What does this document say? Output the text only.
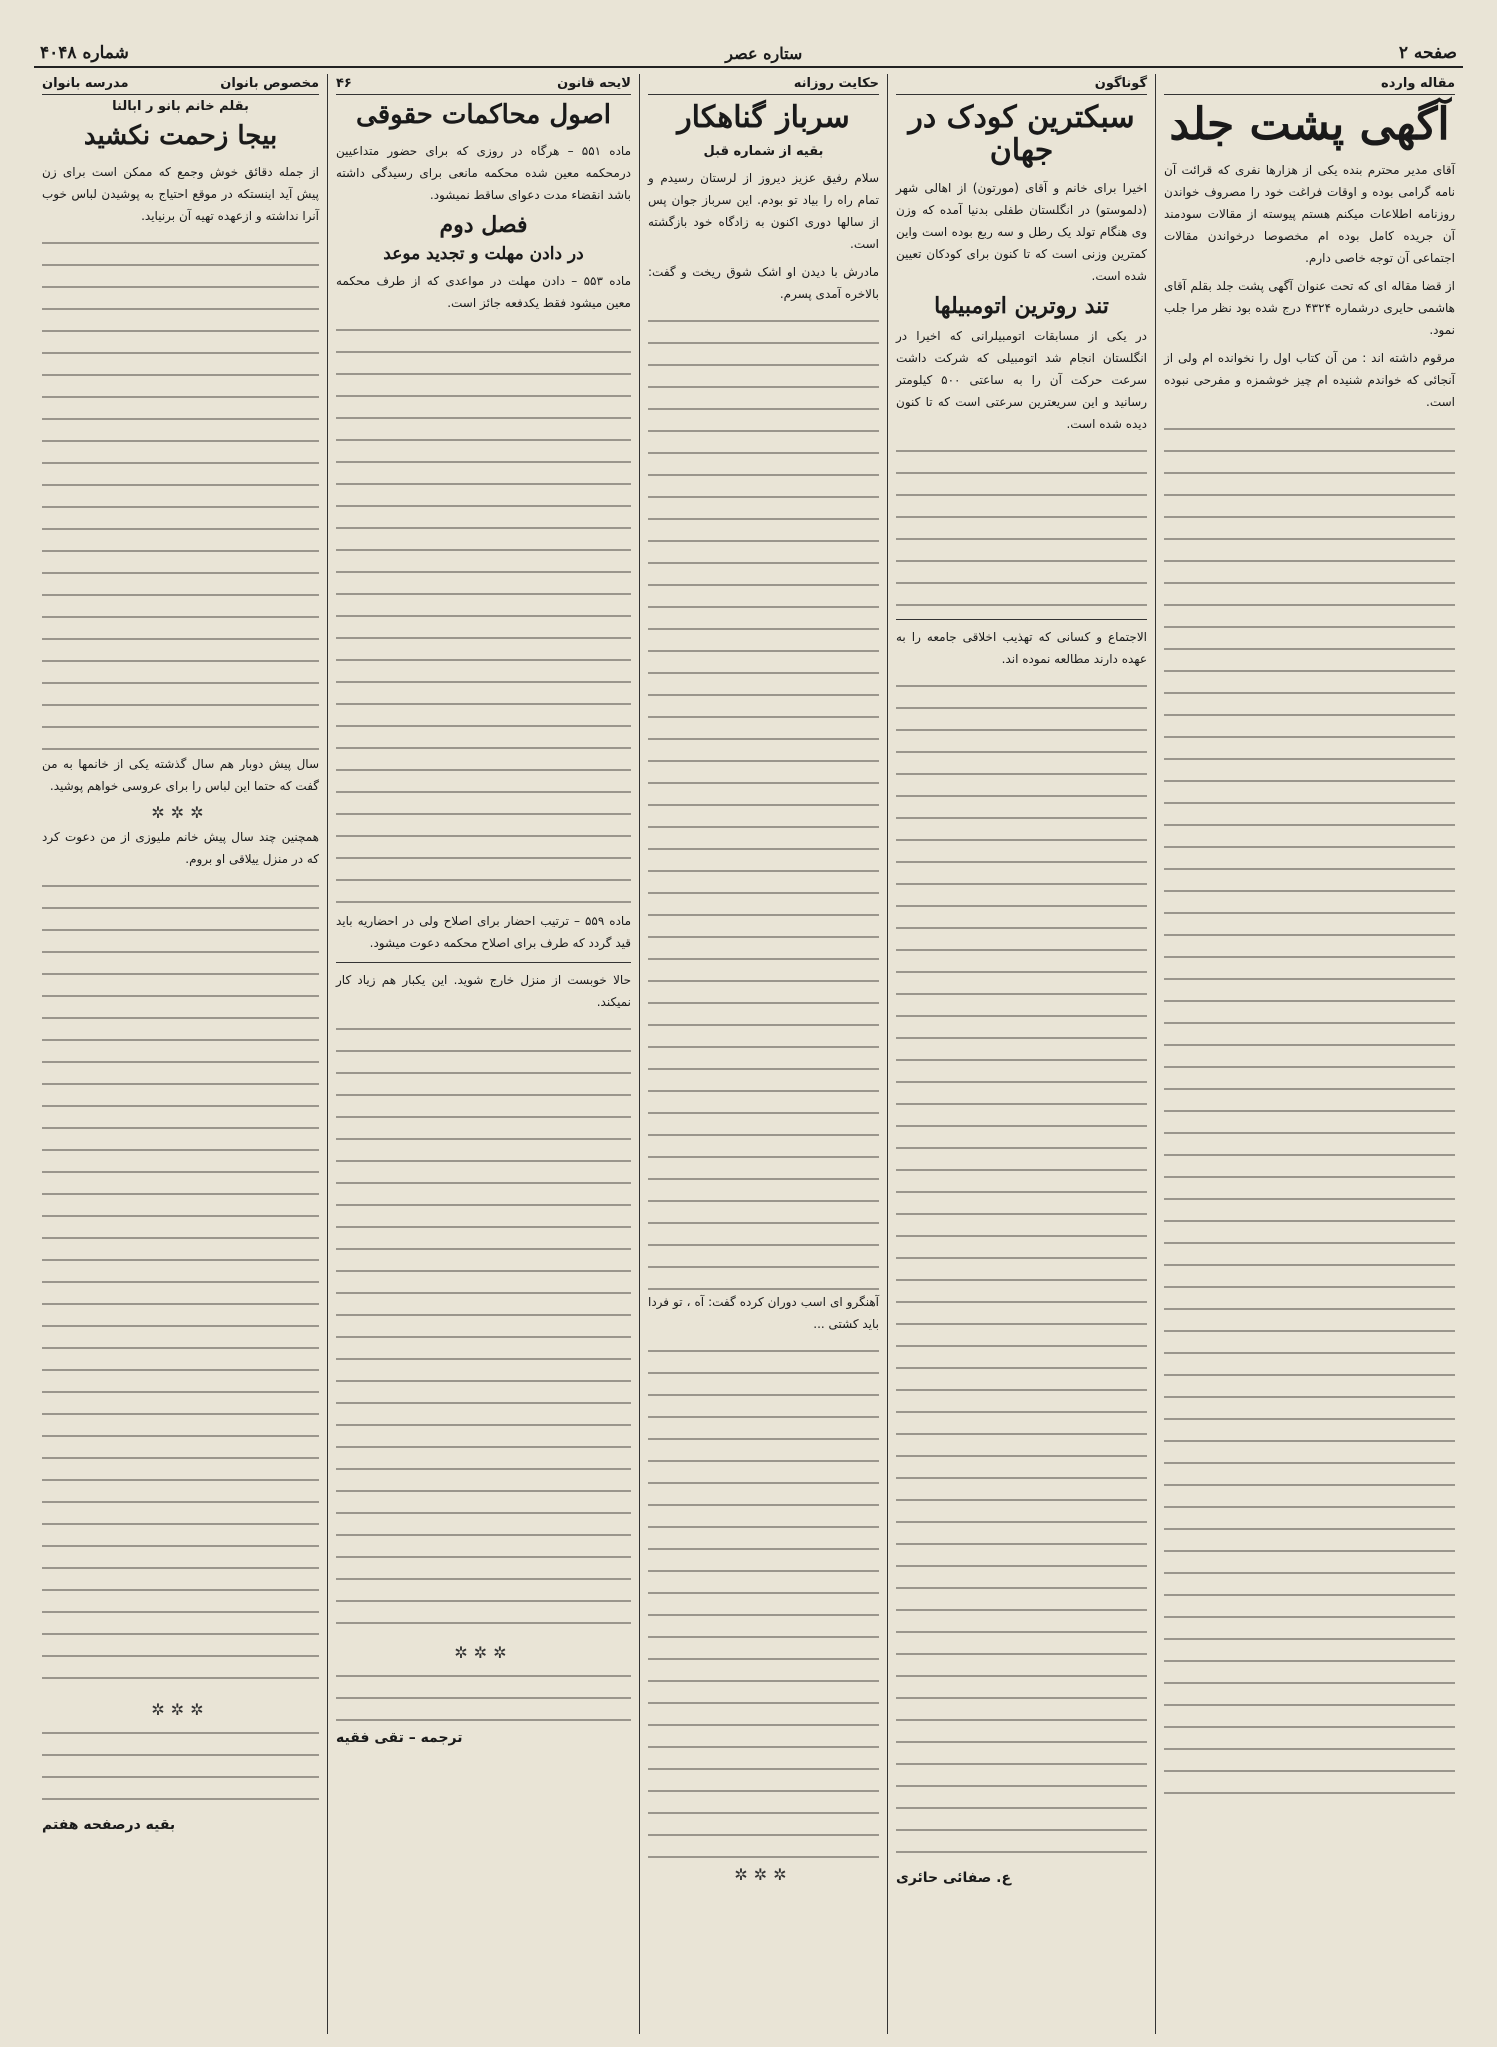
صفحه ۲
ستاره عصر
شماره ۴۰۴۸
مقاله وارده
آگهی پشت جلد

آقای مدیر محترم بنده یکی از هزارها نفری که قرائت آن نامه گرامی بوده و اوقات فراغت خود را مصروف خواندن روزنامه اطلاعات میکنم هستم پیوسته از مقالات سودمند آن جریده کامل بوده ام مخصوصا درخواندن مقالات اجتماعی آن توجه خاصی دارم.

از قضا مقاله ای که تحت عنوان آگهی پشت جلد بقلم آقای هاشمی حایری درشماره ۴۳۲۴ درج شده بود نظر مرا جلب نمود.

مرقوم داشته اند : من آن کتاب اول را نخوانده ام ولی از آنجائی که خواندم شنیده ام چیز خوشمزه و مفرحی نبوده است.

گوناگون
سبکترین کودک در جهان

اخیرا برای خانم و آقای (مورتون) از اهالی شهر (دلموستو) در انگلستان طفلی بدنیا آمده که وزن وی هنگام تولد یک رطل و سه ربع بوده است واین کمترین وزنی است که تا کنون برای کودکان تعیین شده است.

تند روترین اتومبیلها

در یکی از مسابقات اتومبیلرانی که اخیرا در انگلستان انجام شد اتومبیلی که شرکت داشت سرعت حرکت آن را به ساعتی ۵۰۰ کیلومتر رسانید و این سریعترین سرعتی است که تا کنون دیده شده است.

الاجتماع و کسانی که تهذیب اخلاقی جامعه را به عهده دارند مطالعه نموده اند.

ع. صفائی حائری
حکایت روزانه
سرباز گناهکار
بقیه از شماره قبل

سلام رفیق عزیز دیروز از لرستان رسیدم و تمام راه را بیاد تو بودم. این سرباز جوان پس از سالها دوری اکنون به زادگاه خود بازگشته است.

مادرش با دیدن او اشک شوق ریخت و گفت: بالاخره آمدی پسرم.

آهنگرو ای اسب دوران کرده گفت: آه ، تو فردا باید کشتی ...

✲✲✲
لایحه قانون
۴۶
اصول محاکمات حقوقی

ماده ۵۵۱ – هرگاه در روزی که برای حضور متداعیین درمحکمه معین شده محکمه مانعی برای رسیدگی داشته باشد انقضاء مدت دعوای ساقط نمیشود.

فصل دوم
در دادن مهلت و تجدید موعد

ماده ۵۵۳ – دادن مهلت در مواعدی که از طرف محکمه معین میشود فقط یکدفعه جائز است.

ماده ۵۵۹ – ترتیب احضار برای اصلاح ولی در احضاریه باید قید گردد که طرف برای اصلاح محکمه دعوت میشود.

حالا خوبست از منزل خارج شوید. این یکبار هم زیاد کار نمیکند.

✲✲✲
ترجمه – تقی فقیه
مخصوص بانوان
مدرسه بانوان
بقلم خانم بانو ر ابالنا
بیجا زحمت نکشید

از جمله دقائق خوش وجمع که ممکن است برای زن پیش آید اینستکه در موقع احتیاج به پوشیدن لباس خوب آنرا نداشته و ازعهده تهیه آن برنیاید.

سال پیش دوبار هم سال گذشته یکی از خانمها به من گفت که حتما این لباس را برای عروسی خواهم پوشید.

✲✲✲

همچنین چند سال پیش خانم ملیوزی از من دعوت کرد که در منزل ییلاقی او بروم.

✲✲✲
بقیه درصفحه هفتم
